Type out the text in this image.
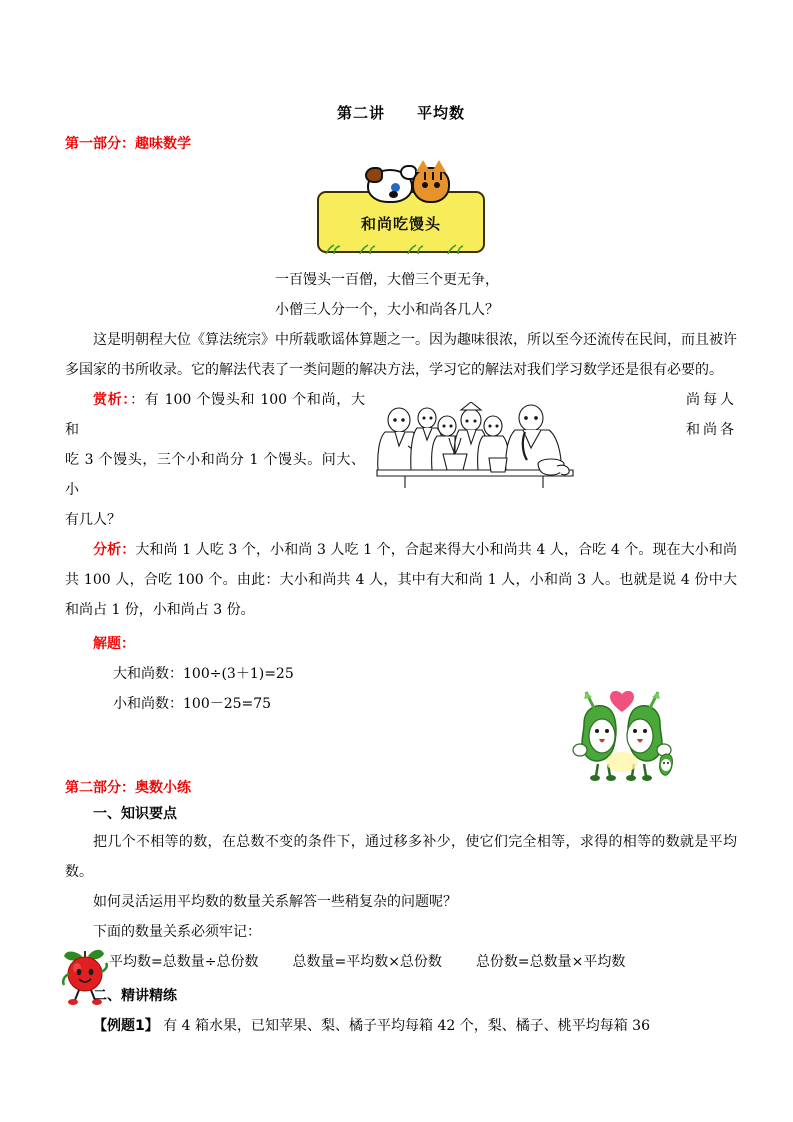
第二讲　　平均数
第一部分：趣味数学
和尚吃馒头
一百馒头一百僧，大僧三个更无争，
小僧三人分一个，大小和尚各几人？

这是明朝程大位《算法统宗》中所载歌谣体算题之一。因为趣味很浓，所以至今还流传在民间，而且被许多国家的书所收录。它的解法代表了一类问题的解决方法，学习它的解法对我们学习数学还是很有必要的。

赏析：：有 100 个馒头和 100 个和尚，大和

吃 3 个馒头，三个小和尚分 1 个馒头。问大、小

有几人？

尚每人
和尚各

分析：大和尚 1 人吃 3 个，小和尚 3 人吃 1 个，合起来得大小和尚共 4 人，合吃 4 个。现在大小和尚共 100 人，合吃 100 个。由此：大小和尚共 4 人，其中有大和尚 1 人，小和尚 3 人。也就是说 4 份中大和尚占 1 份，小和尚占 3 份。

解题：

大和尚数：100÷(3＋1)=25
小和尚数：100－25=75
第二部分：奥数小练
一、知识要点

把几个不相等的数，在总数不变的条件下，通过移多补少，使它们完全相等，求得的相等的数就是平均数。

如何灵活运用平均数的数量关系解答一些稍复杂的问题呢？

下面的数量关系必须牢记：

平均数=总数量÷总份数 总数量=平均数×总份数 总份数=总数量×平均数
二、精讲精练

【例题1】 有 4 箱水果，已知苹果、梨、橘子平均每箱 42 个，梨、橘子、桃平均每箱 36
